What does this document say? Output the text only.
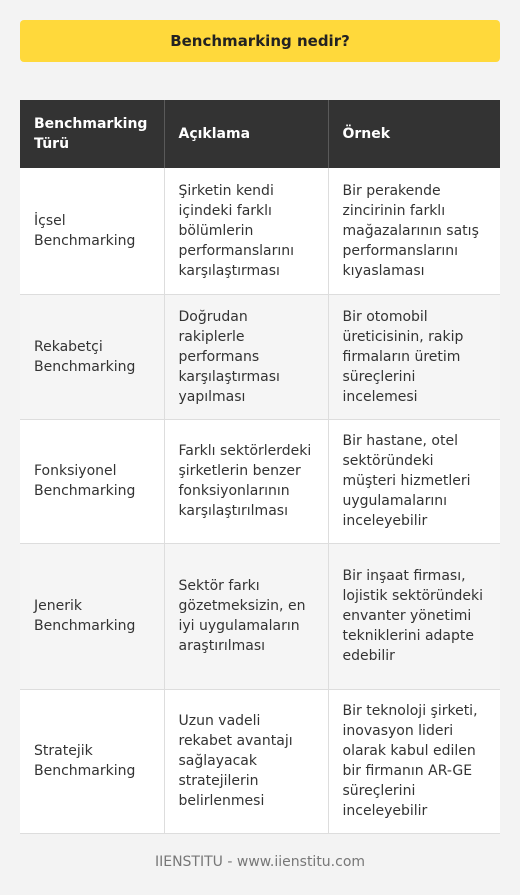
Benchmarking nedir?
Benchmarking Türü	Açıklama	Örnek
İçsel Benchmarking	Şirketin kendi içindeki farklı bölümlerin performanslarını karşılaştırması	Bir perakende zincirinin farklı mağazalarının satış performanslarını kıyaslaması
Rekabetçi Benchmarking	Doğrudan rakiplerle performans karşılaştırması yapılması	Bir otomobil üreticisinin, rakip firmaların üretim süreçlerini incelemesi
Fonksiyonel Benchmarking	Farklı sektörlerdeki şirketlerin benzer fonksiyonlarının karşılaştırılması	Bir hastane, otel sektöründeki müşteri hizmetleri uygulamalarını inceleyebilir
Jenerik Benchmarking	Sektör farkı gözetmeksizin, en iyi uygulamaların araştırılması	Bir inşaat firması, lojistik sektöründeki envanter yönetimi tekniklerini adapte edebilir
Stratejik Benchmarking	Uzun vadeli rekabet avantajı sağlayacak stratejilerin belirlenmesi	Bir teknoloji şirketi, inovasyon lideri olarak kabul edilen bir firmanın AR-GE süreçlerini inceleyebilir
IIENSTITU - www.iienstitu.com
